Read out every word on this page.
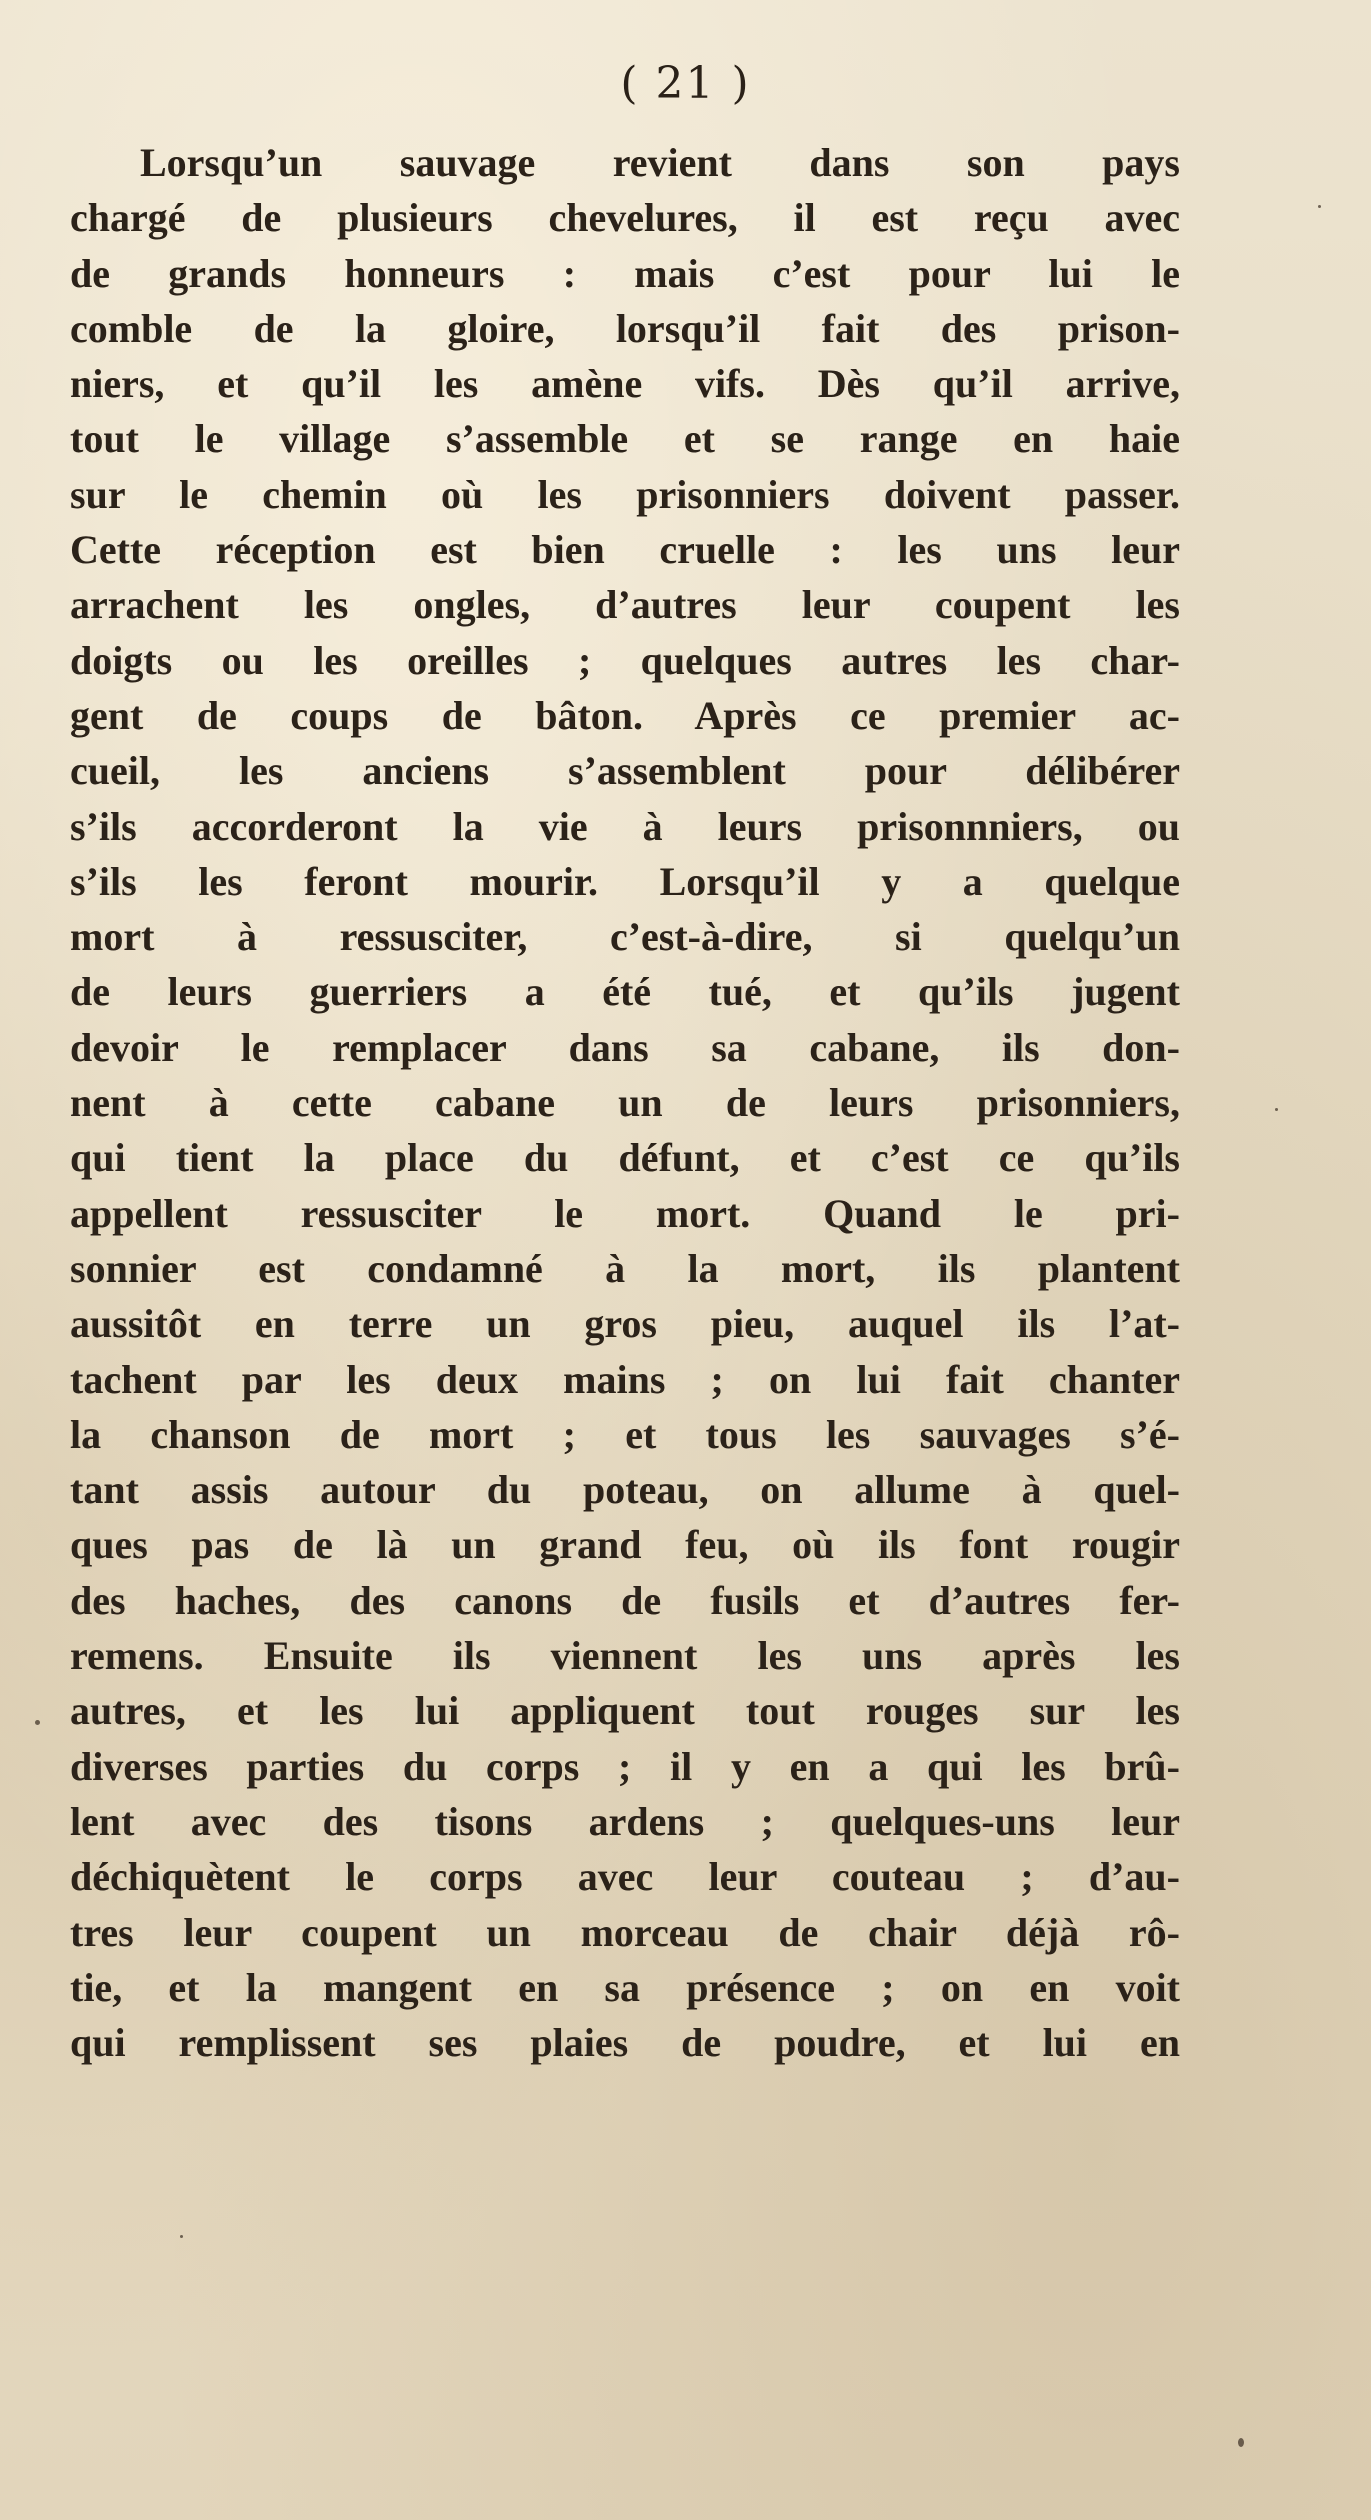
( 21 )
Lorsqu’un sauvage revient dans son pays
chargé de plusieurs chevelures, il est reçu avec
de grands honneurs : mais c’est pour lui le
comble de la gloire, lorsqu’il fait des prison-
niers, et qu’il les amène vifs. Dès qu’il arrive,
tout le village s’assemble et se range en haie
sur le chemin où les prisonniers doivent passer.
Cette réception est bien cruelle : les uns leur
arrachent les ongles, d’autres leur coupent les
doigts ou les oreilles ; quelques autres les char-
gent de coups de bâton. Après ce premier ac-
cueil, les anciens s’assemblent pour délibérer
s’ils accorderont la vie à leurs prisonnniers, ou
s’ils les feront mourir. Lorsqu’il y a quelque
mort à ressusciter, c’est-à-dire, si quelqu’un
de leurs guerriers a été tué, et qu’ils jugent
devoir le remplacer dans sa cabane, ils don-
nent à cette cabane un de leurs prisonniers,
qui tient la place du défunt, et c’est ce qu’ils
appellent ressusciter le mort. Quand le pri-
sonnier est condamné à la mort, ils plantent
aussitôt en terre un gros pieu, auquel ils l’at-
tachent par les deux mains ; on lui fait chanter
la chanson de mort ; et tous les sauvages s’é-
tant assis autour du poteau, on allume à quel-
ques pas de là un grand feu, où ils font rougir
des haches, des canons de fusils et d’autres fer-
remens. Ensuite ils viennent les uns après les
autres, et les lui appliquent tout rouges sur les
diverses parties du corps ; il y en a qui les brû-
lent avec des tisons ardens ; quelques-uns leur
déchiquètent le corps avec leur couteau ; d’au-
tres leur coupent un morceau de chair déjà rô-
tie, et la mangent en sa présence ; on en voit
qui remplissent ses plaies de poudre, et lui en
